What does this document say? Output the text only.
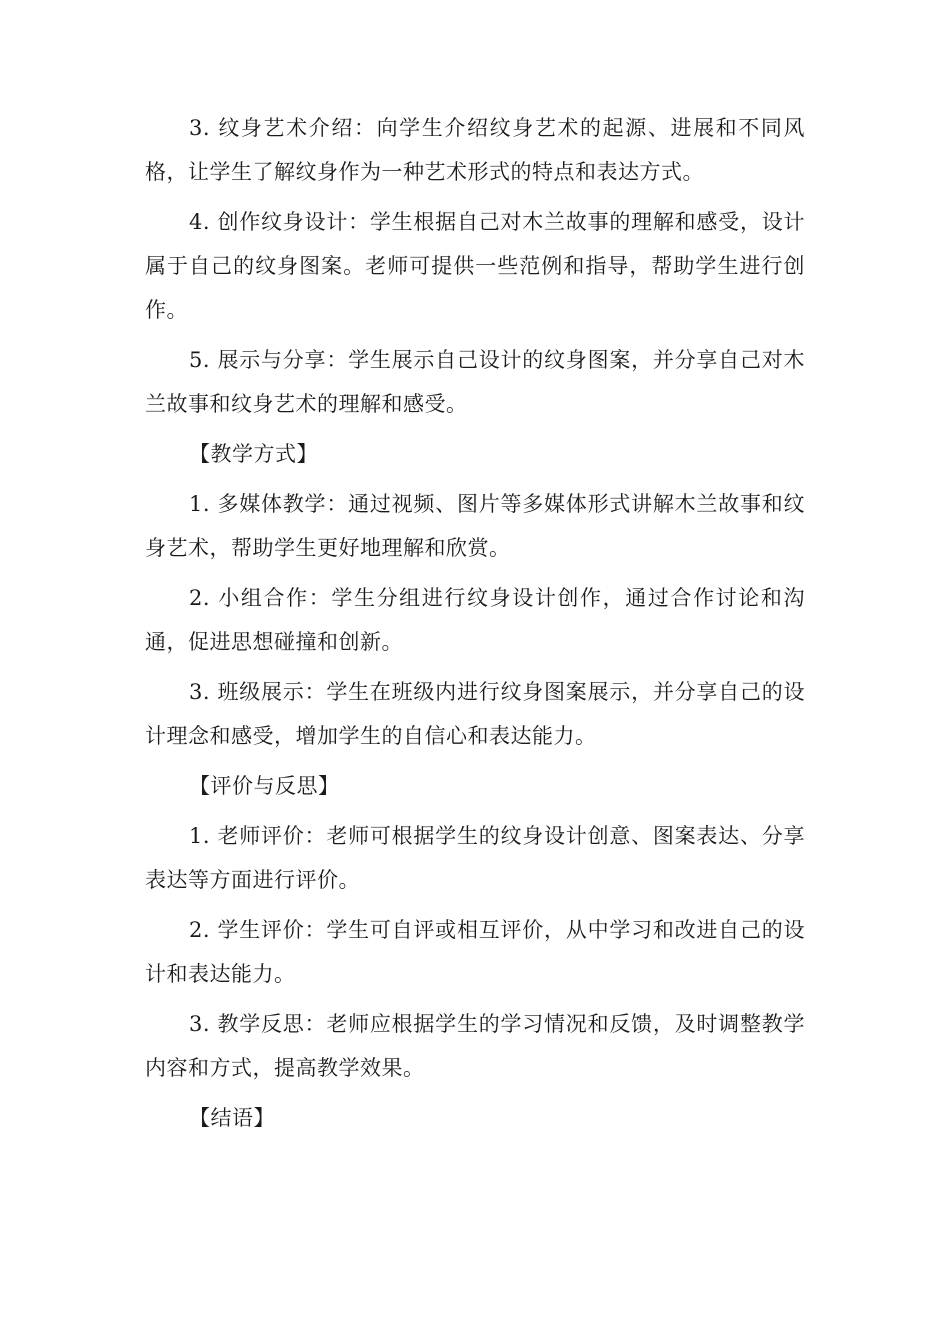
3. 纹身艺术介绍：向学生介绍纹身艺术的起源、进展和不同风格，让学生了解纹身作为一种艺术形式的特点和表达方式。

4. 创作纹身设计：学生根据自己对木兰故事的理解和感受，设计属于自己的纹身图案。老师可提供一些范例和指导，帮助学生进行创作。

5. 展示与分享：学生展示自己设计的纹身图案，并分享自己对木兰故事和纹身艺术的理解和感受。

【教学方式】

1. 多媒体教学：通过视频、图片等多媒体形式讲解木兰故事和纹身艺术，帮助学生更好地理解和欣赏。

2. 小组合作：学生分组进行纹身设计创作，通过合作讨论和沟通，促进思想碰撞和创新。

3. 班级展示：学生在班级内进行纹身图案展示，并分享自己的设计理念和感受，增加学生的自信心和表达能力。

【评价与反思】

1. 老师评价：老师可根据学生的纹身设计创意、图案表达、分享表达等方面进行评价。

2. 学生评价：学生可自评或相互评价，从中学习和改进自己的设计和表达能力。

3. 教学反思：老师应根据学生的学习情况和反馈，及时调整教学内容和方式，提高教学效果。

【结语】
